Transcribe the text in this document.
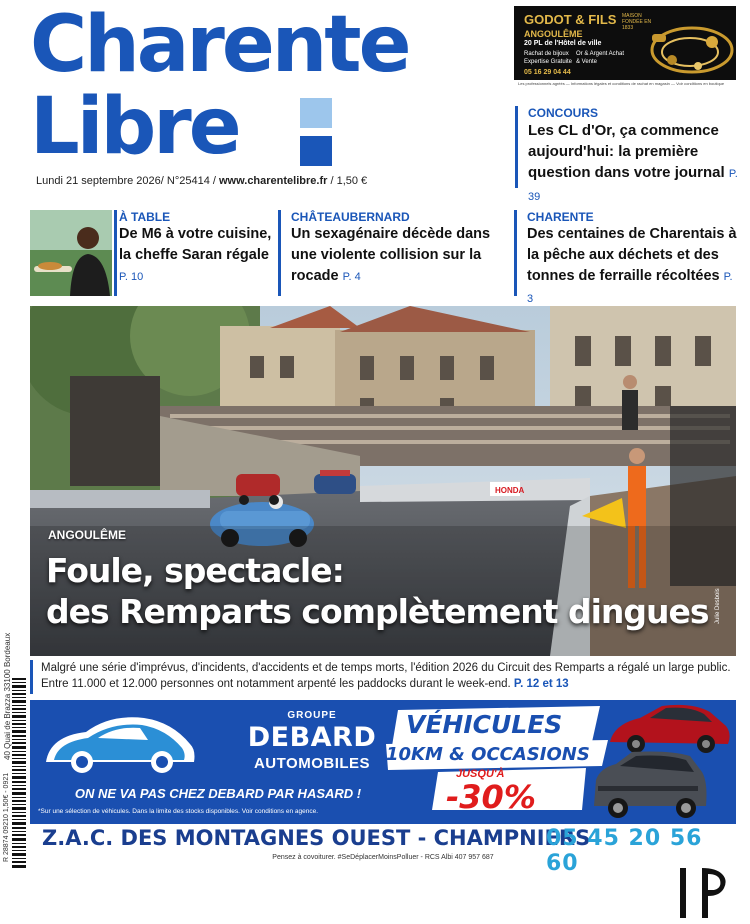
Charente
Libre
Lundi 21 septembre 2026/ N°25414 / www.charentelibre.fr / 1,50 €
GODOT & FILS MAISON FONDÉE EN 1833
ANGOULÊME
20 PL de l'Hôtel de ville
Rachat de bijoux Expertise Gratuite
Or & Argent Achat & Vente
05 16 29 04 44
Les professionnels agréés — Informations légales et conditions de rachat en magasin — Voir conditions en boutique
CONCOURS
Les CL d'Or, ça commence aujourd'hui: la première question dans votre journal P. 39
À TABLE
De M6 à votre cuisine, la cheffe Saran régale P. 10
CHÂTEAUBERNARD
Un sexagénaire décède dans une violente collision sur la rocade P. 4
CHARENTE
Des centaines de Charentais à la pêche aux déchets et des tonnes de ferraille récoltées P. 3
HONDA
ANGOULÊME
Foule, spectacle:
des Remparts complètement dingues	Julie Desbois
Malgré une série d'imprévus, d'incidents, d'accidents et de temps morts, l'édition 2026 du Circuit des Remparts a régalé un large public. Entre 11.000 et 12.000 personnes ont notamment arpenté les paddocks durant le week-end. P. 12 et 13
40 Quai de Brazza 33100 Bordeaux
R 28874 09210 1,50€ - 0921
GROUPE
DEBARD
AUTOMOBILES
ON NE VA PAS CHEZ DEBARD PAR HASARD !
*Sur une sélection de véhicules. Dans la limite des stocks disponibles. Voir conditions en agence.
VÉHICULES
10KM & OCCASIONS
JUSQU'À
-30%	*
Z.A.C. DES MONTAGNES OUEST - CHAMPNIERS
05 45 20 56 60
Pensez à covoiturer. #SeDéplacerMoinsPolluer - RCS Albi 407 957 687
